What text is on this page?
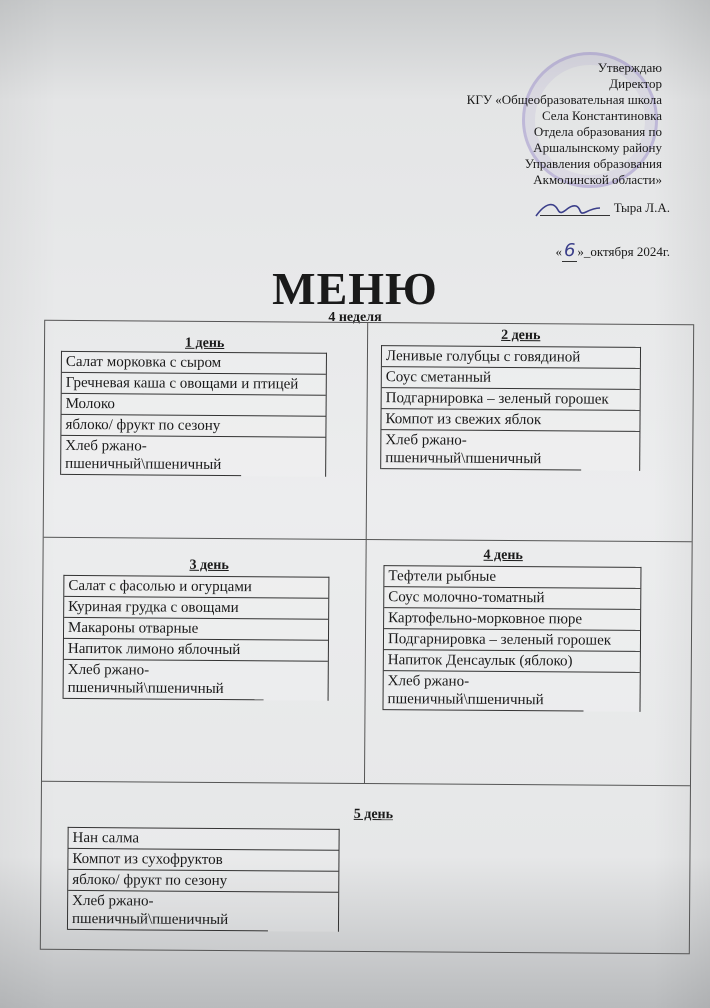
Утверждаю
Директор
КГУ «Общеобразовательная школа
Села Константиновка
Отдела образования по
Аршалынскому району
Управления образования
Акмолинской области»
Тыра Л.А.
« 6 »_октября 2024г.
МЕНЮ
4 неделя
1 день
Салат морковка с сыром
Гречневая каша с овощами и птицей
Молоко
яблоко/ фрукт по сезону
Хлеб ржано-пшеничный\пшеничный
2 день
Ленивые голубцы с говядиной
Соус сметанный
Подгарнировка – зеленый горошек
Компот из свежих яблок
Хлеб ржано-пшеничный\пшеничный
3 день
Салат с фасолью и огурцами
Куриная грудка с овощами
Макароны отварные
Напиток лимоно яблочный
Хлеб ржано-пшеничный\пшеничный
4 день
Тефтели рыбные
Соус молочно-томатный
Картофельно-морковное пюре
Подгарнировка – зеленый горошек
Напиток Денсаулык (яблоко)
Хлеб ржано-пшеничный\пшеничный
5 день
Нан салма
Компот из сухофруктов
яблоко/ фрукт по сезону
Хлеб ржано-пшеничный\пшеничный
